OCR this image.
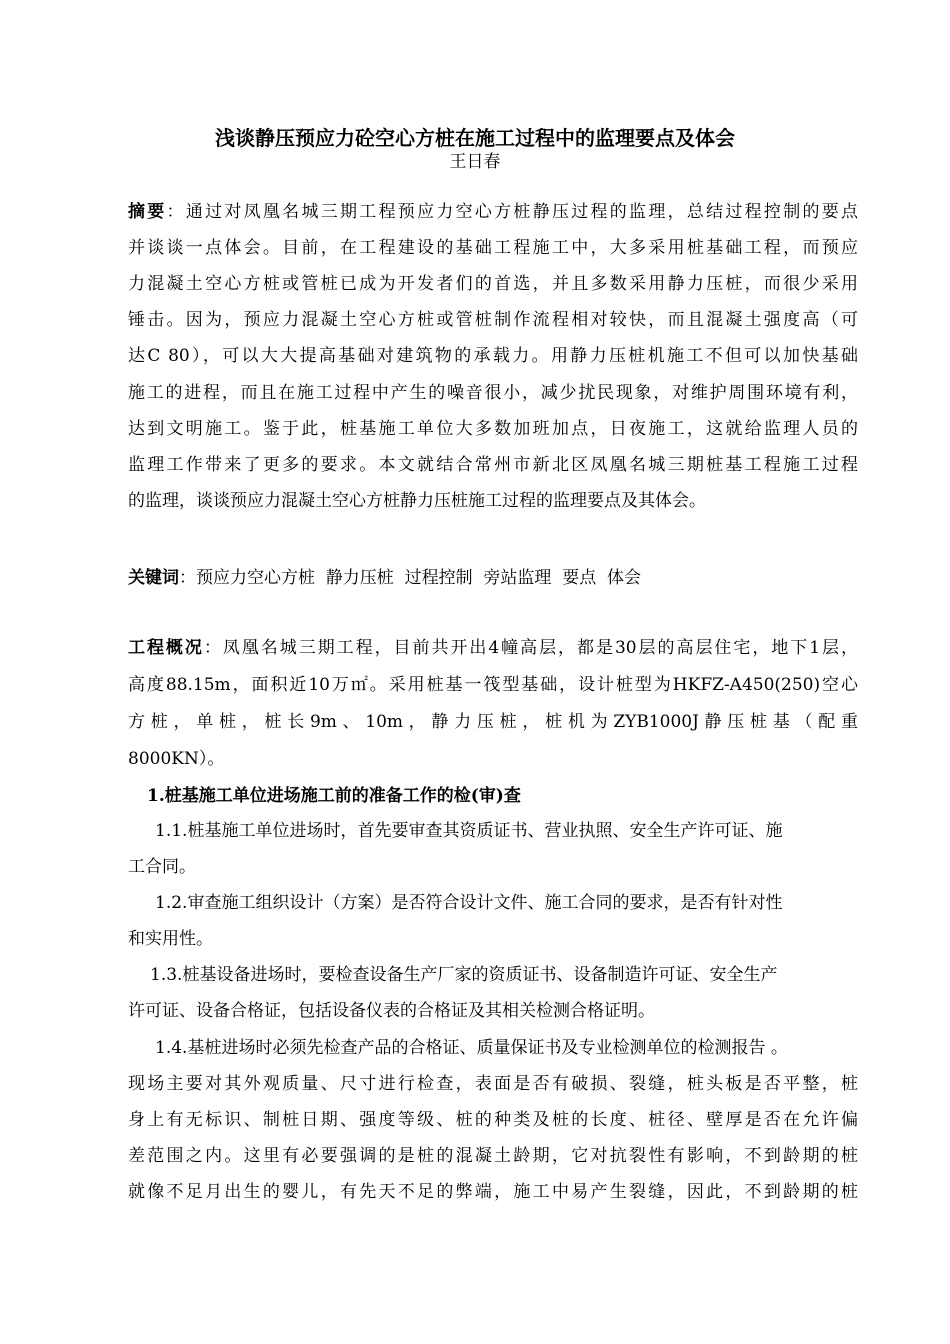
浅谈静压预应力砼空心方桩在施工过程中的监理要点及体会
王日春
摘要：通过对凤凰名城三期工程预应力空心方桩静压过程的监理，总结过程控制的要点
并谈谈一点体会。目前，在工程建设的基础工程施工中，大多采用桩基础工程，而预应
力混凝土空心方桩或管桩已成为开发者们的首选，并且多数采用静力压桩，而很少采用
锤击。因为，预应力混凝土空心方桩或管桩制作流程相对较快，而且混凝土强度高（可
达C 80），可以大大提高基础对建筑物的承载力。用静力压桩机施工不但可以加快基础
施工的进程，而且在施工过程中产生的噪音很小，减少扰民现象，对维护周围环境有利，
达到文明施工。鉴于此，桩基施工单位大多数加班加点，日夜施工，这就给监理人员的
监理工作带来了更多的要求。本文就结合常州市新北区凤凰名城三期桩基工程施工过程
的监理，谈谈预应力混凝土空心方桩静力压桩施工过程的监理要点及其体会。
关键词：预应力空心方桩  静力压桩  过程控制  旁站监理  要点  体会
工程概况：凤凰名城三期工程，目前共开出4幢高层，都是30层的高层住宅，地下1层，
高度88.15m，面积近10万㎡。采用桩基一筏型基础，设计桩型为HKFZ-A450(250)空心
方 桩 ， 单 桩 ， 桩 长 9m 、 10m ， 静 力 压 桩 ， 桩 机 为 ZYB1000J 静 压 桩 基 （ 配 重
8000KN）。
1.桩基施工单位进场施工前的准备工作的检(审)查
1.1.桩基施工单位进场时，首先要审查其资质证书、营业执照、安全生产许可证、施
工合同。
1.2.审查施工组织设计（方案）是否符合设计文件、施工合同的要求，是否有针对性
和实用性。
1.3.桩基设备进场时，要检查设备生产厂家的资质证书、设备制造许可证、安全生产
许可证、设备合格证，包括设备仪表的合格证及其相关检测合格证明。
1.4.基桩进场时必须先检查产品的合格证、质量保证书及专业检测单位的检测报告 。
现场主要对其外观质量、尺寸进行检查，表面是否有破损、裂缝，桩头板是否平整，桩
身上有无标识、制桩日期、强度等级、桩的种类及桩的长度、桩径、壁厚是否在允许偏
差范围之内。这里有必要强调的是桩的混凝土龄期，它对抗裂性有影响，不到龄期的桩
就像不足月出生的婴儿，有先天不足的弊端，施工中易产生裂缝，因此，不到龄期的桩
